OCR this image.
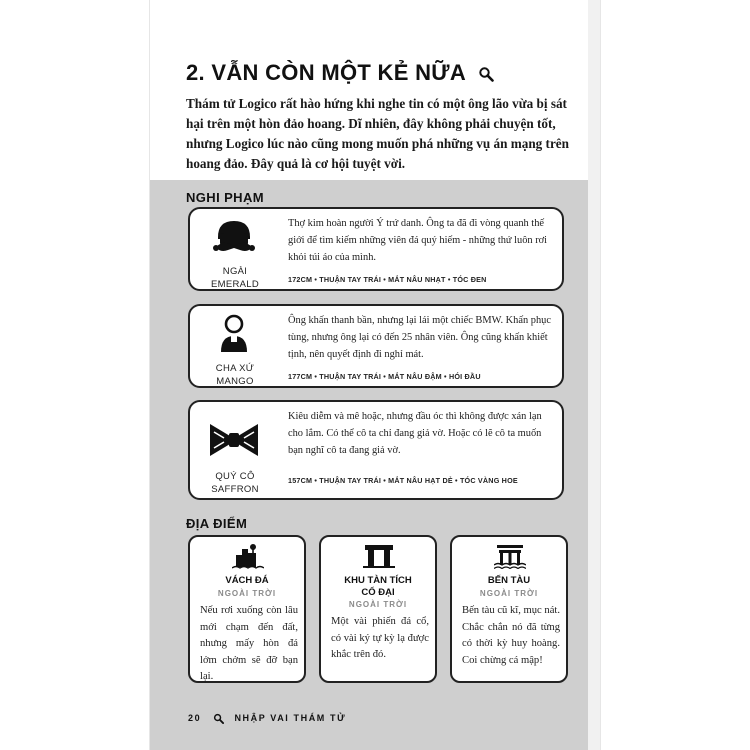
2. VẪN CÒN MỘT KẺ NỮA
Thám tử Logico rất hào hứng khi nghe tin có một ông lão vừa bị sát hại trên một hòn đảo hoang. Dĩ nhiên, đây không phải chuyện tốt, nhưng Logico lúc nào cũng mong muốn phá những vụ án mạng trên hoang đảo. Đây quả là cơ hội tuyệt vời.
NGHI PHẠM
NGÀI
EMERALD
Thợ kim hoàn người Ý trứ danh. Ông ta đã đi vòng quanh thế giới để tìm kiếm những viên đá quý hiếm - những thứ luôn rơi khỏi túi áo của mình.
172CM • THUẬN TAY TRÁI • MẮT NÂU NHẠT • TÓC ĐEN
CHA XỨ
MANGO
Ông khấn thanh bần, nhưng lại lái một chiếc BMW. Khấn phục tùng, nhưng ông lại có đến 25 nhân viên. Ông cũng khấn khiết tịnh, nên quyết định đi nghỉ mát.
177CM • THUẬN TAY TRÁI • MẮT NÂU ĐẬM • HÓI ĐẦU
QUÝ CÔ
SAFFRON
Kiêu diễm và mê hoặc, nhưng đầu óc thì không được xán lạn cho lắm. Có thể cô ta chỉ đang giả vờ. Hoặc có lẽ cô ta muốn bạn nghĩ cô ta đang giả vờ.
157CM • THUẬN TAY TRÁI • MẮT NÂU HẠT DẺ • TÓC VÀNG HOE
ĐỊA ĐIỂM
VÁCH ĐÁ
NGOÀI TRỜI
Nếu rơi xuống còn lâu mới chạm đến đất, nhưng mấy hòn đá lởm chởm sẽ đỡ bạn lại.
KHU TÀN TÍCH
CỔ ĐẠI
NGOÀI TRỜI
Một vài phiến đá cổ, có vài ký tự kỳ lạ được khắc trên đó.
BẾN TÀU
NGOÀI TRỜI
Bến tàu cũ kĩ, mục nát. Chắc chắn nó đã từng có thời kỳ huy hoàng. Coi chừng cá mập!
20	NHẬP VAI THÁM TỬ
